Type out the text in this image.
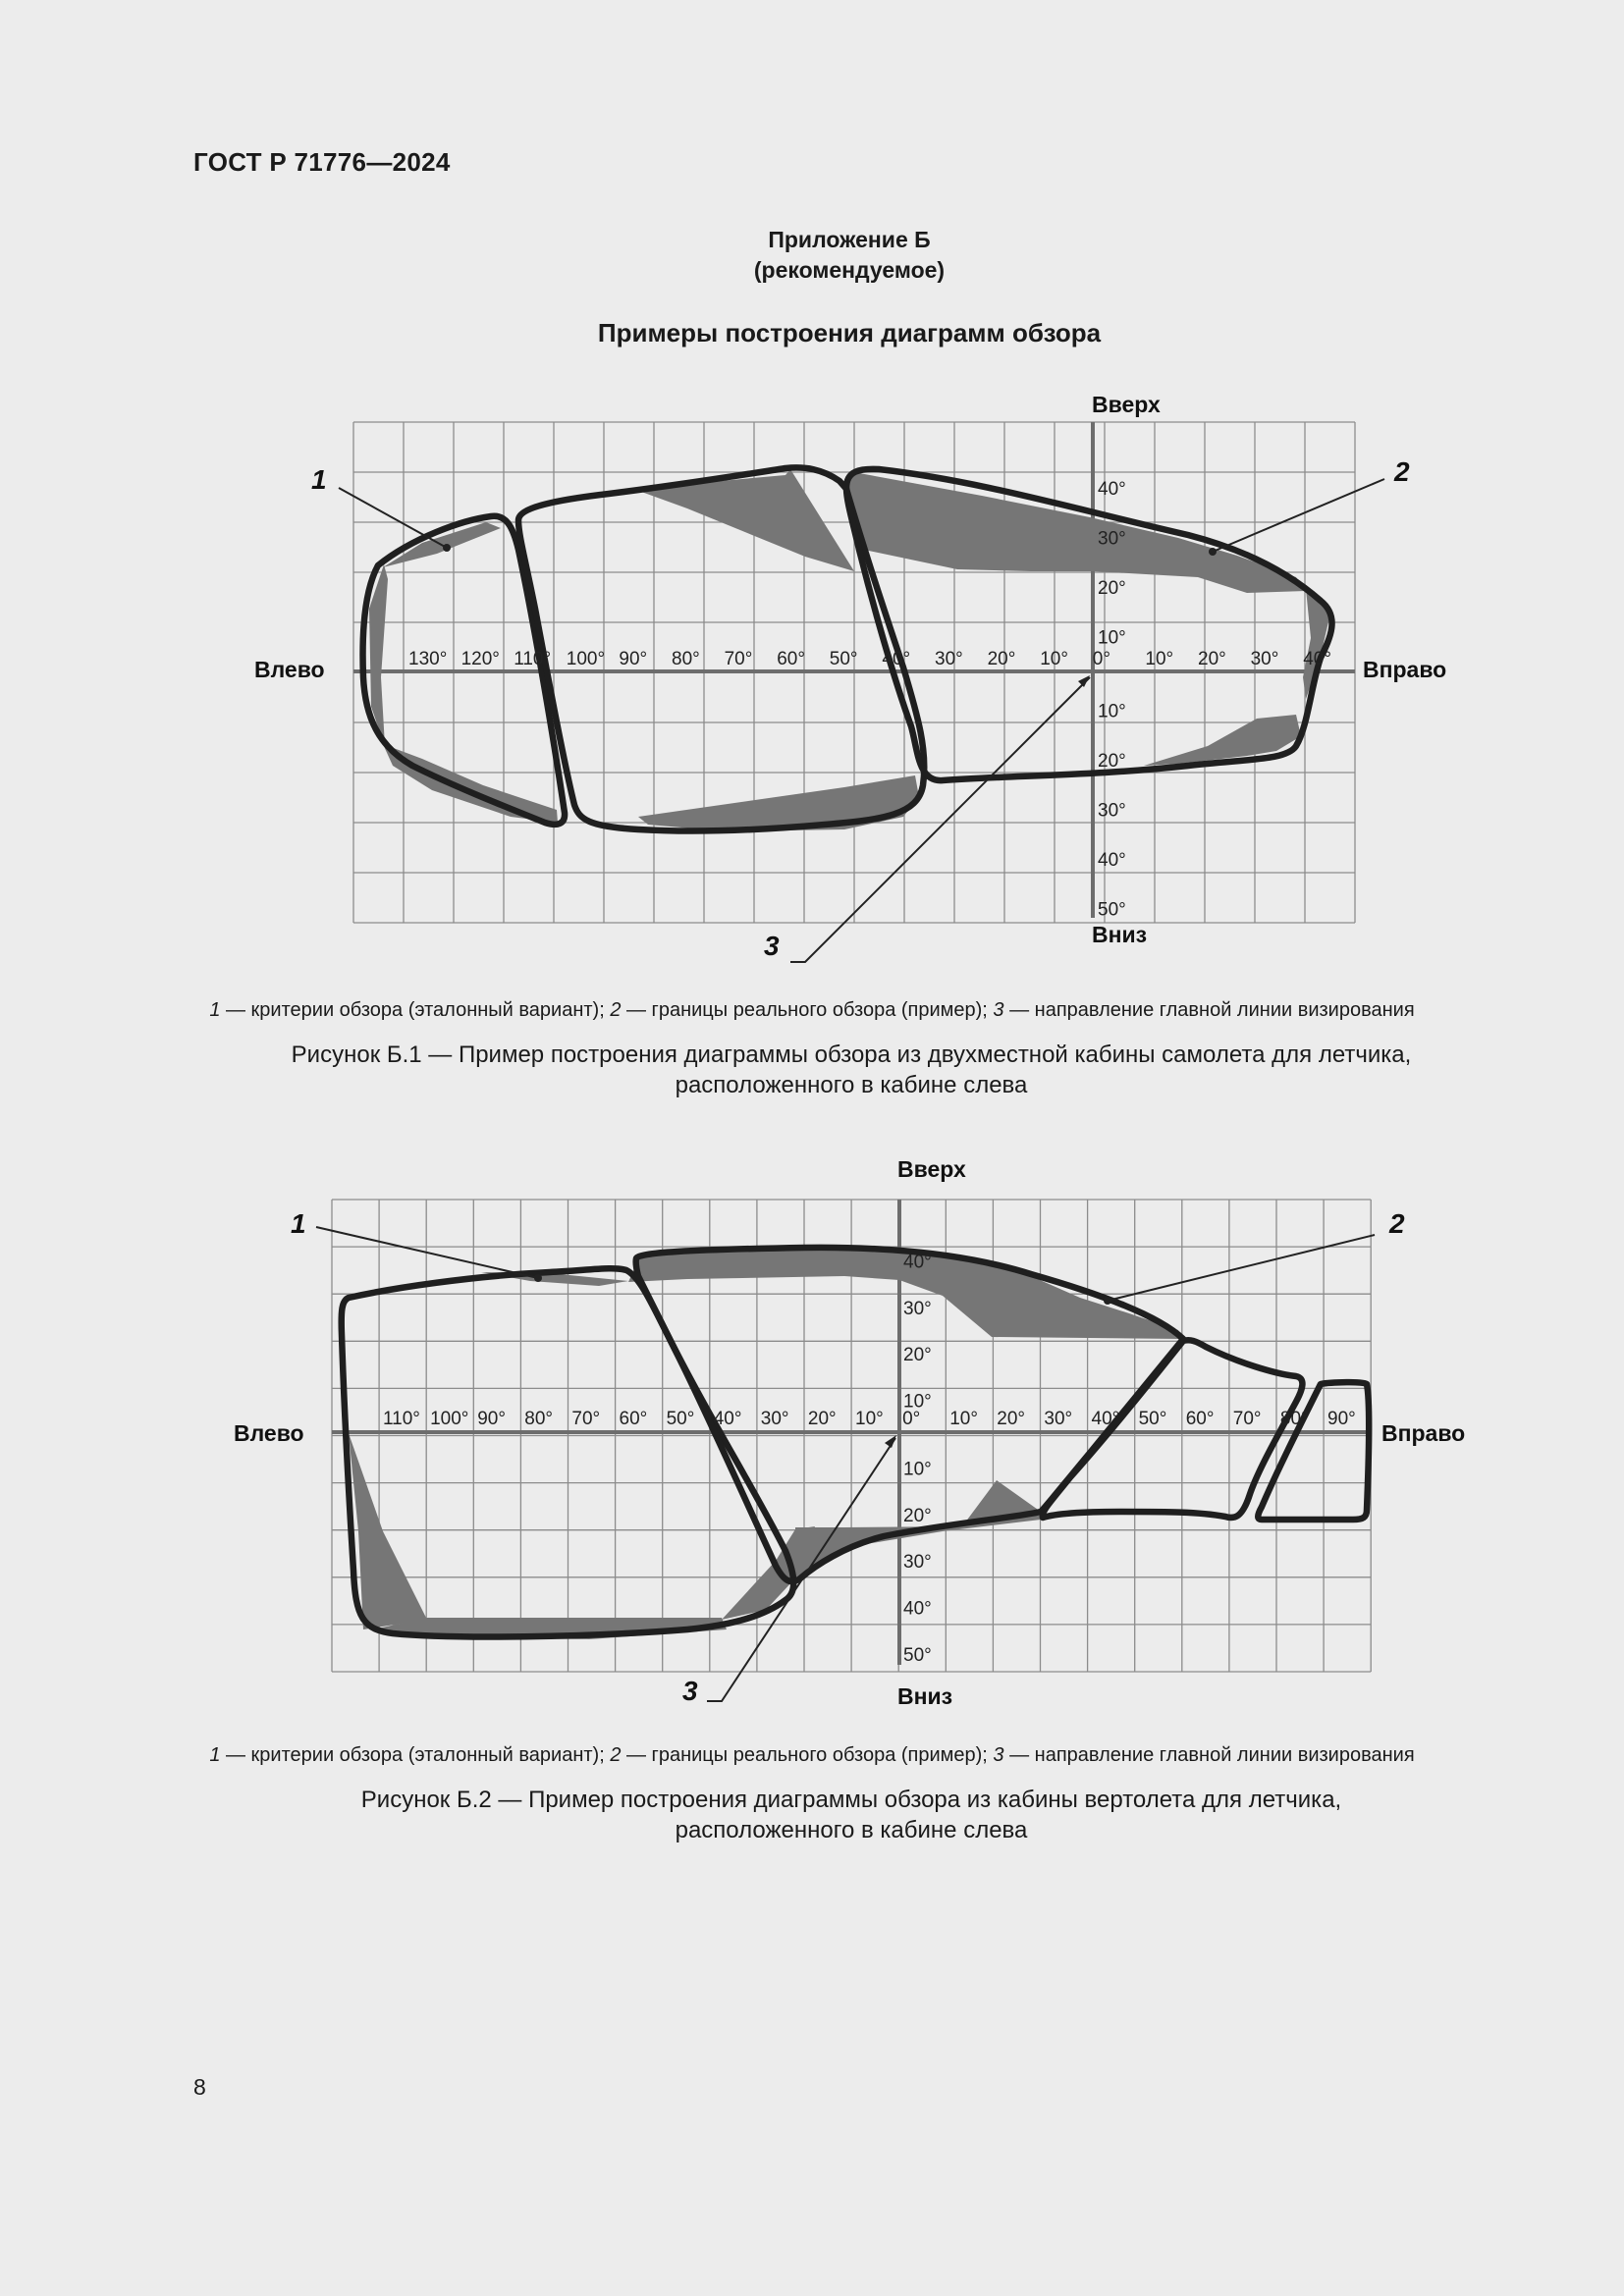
ГОСТ Р 71776—2024
Приложение Б
(рекомендуемое)
Примеры построения диаграмм обзора
130° 120° 110° 100° 90° 80° 70° 60° 50° 40° 30° 20° 10° 0° 10° 20° 30° 40°
40°
30°
20°
10°
10°
20°
30°
40°
50°
Вверх
Вниз
Влево	Вправо
1	2
3
1 — критерии обзора (эталонный вариант); 2 — границы реального обзора (пример); 3 — направление главной линии визирования
Рисунок Б.1 — Пример построения диаграммы обзора из двухместной кабины самолета для летчика,
расположенного в кабине слева
110° 100° 90° 80° 70° 60° 50° 40° 30° 20° 10° 0° 10° 20° 30° 40° 50° 60° 70° 80° 90°
40°
30°
20°
10°
10°
20°
30°
40°
50°
Вверх
Вниз
Влево	Вправо
1	2
3
1 — критерии обзора (эталонный вариант); 2 — границы реального обзора (пример); 3 — направление главной линии визирования
Рисунок Б.2 — Пример построения диаграммы обзора из кабины вертолета для летчика,
расположенного в кабине слева
8
